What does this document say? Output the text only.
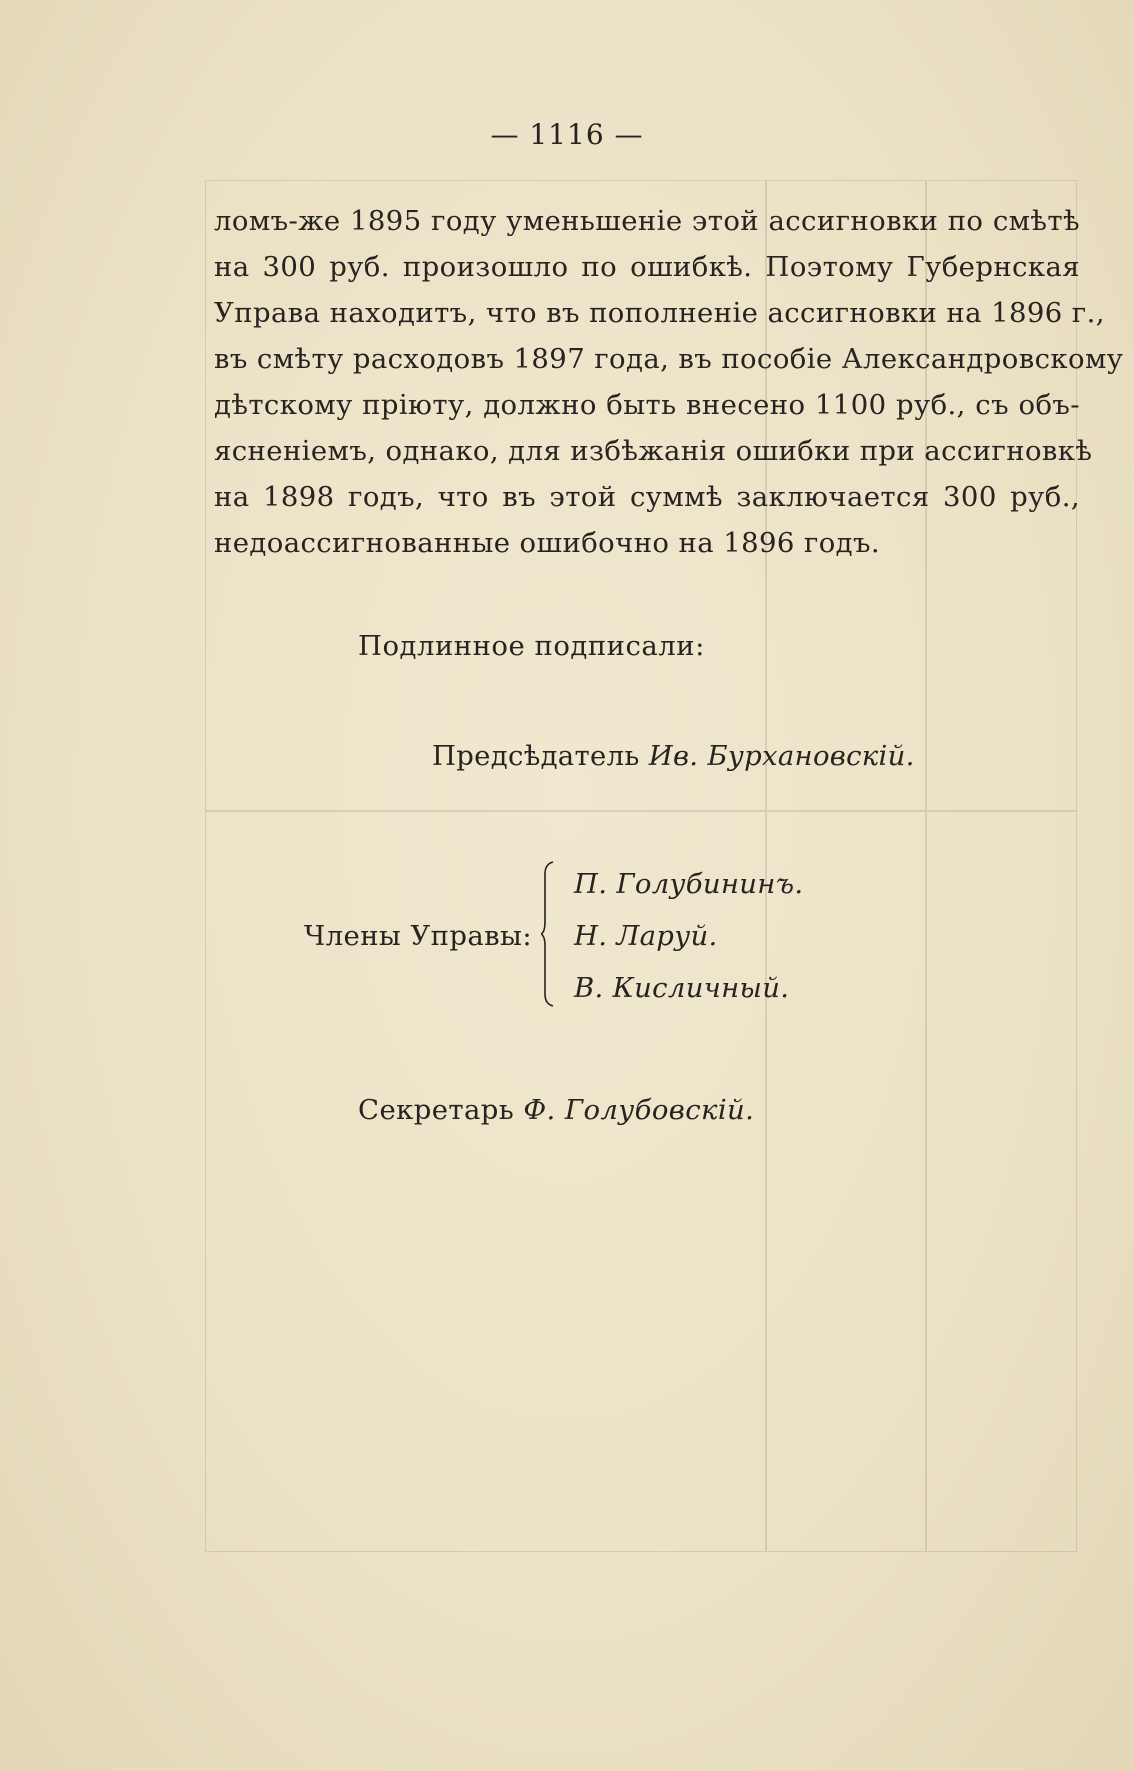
— 1116 —
ломъ-же 1895 году уменьшеніе этой ассигновки по смѣтѣ
на 300 руб. произошло по ошибкѣ. Поэтому Губернская
Управа находитъ, что въ пополненіе ассигновки на 1896 г.,
въ смѣту расходовъ 1897 года, въ пособіе Александровскому
дѣтскому пріюту, должно быть внесено 1100 руб., съ объ-
ясненіемъ, однако, для избѣжанія ошибки при ассигновкѣ
на 1898 годъ, что въ этой суммѣ заключается 300 руб.,
недоассигнованные ошибочно на 1896 годъ.
Подлинное подписали:
Предсѣдатель Ив. Бурхановскій.
Члены Управы:
П. Голубининъ.
Н. Ларуй.
В. Кисличный.
Секретарь Ф. Голубовскій.
